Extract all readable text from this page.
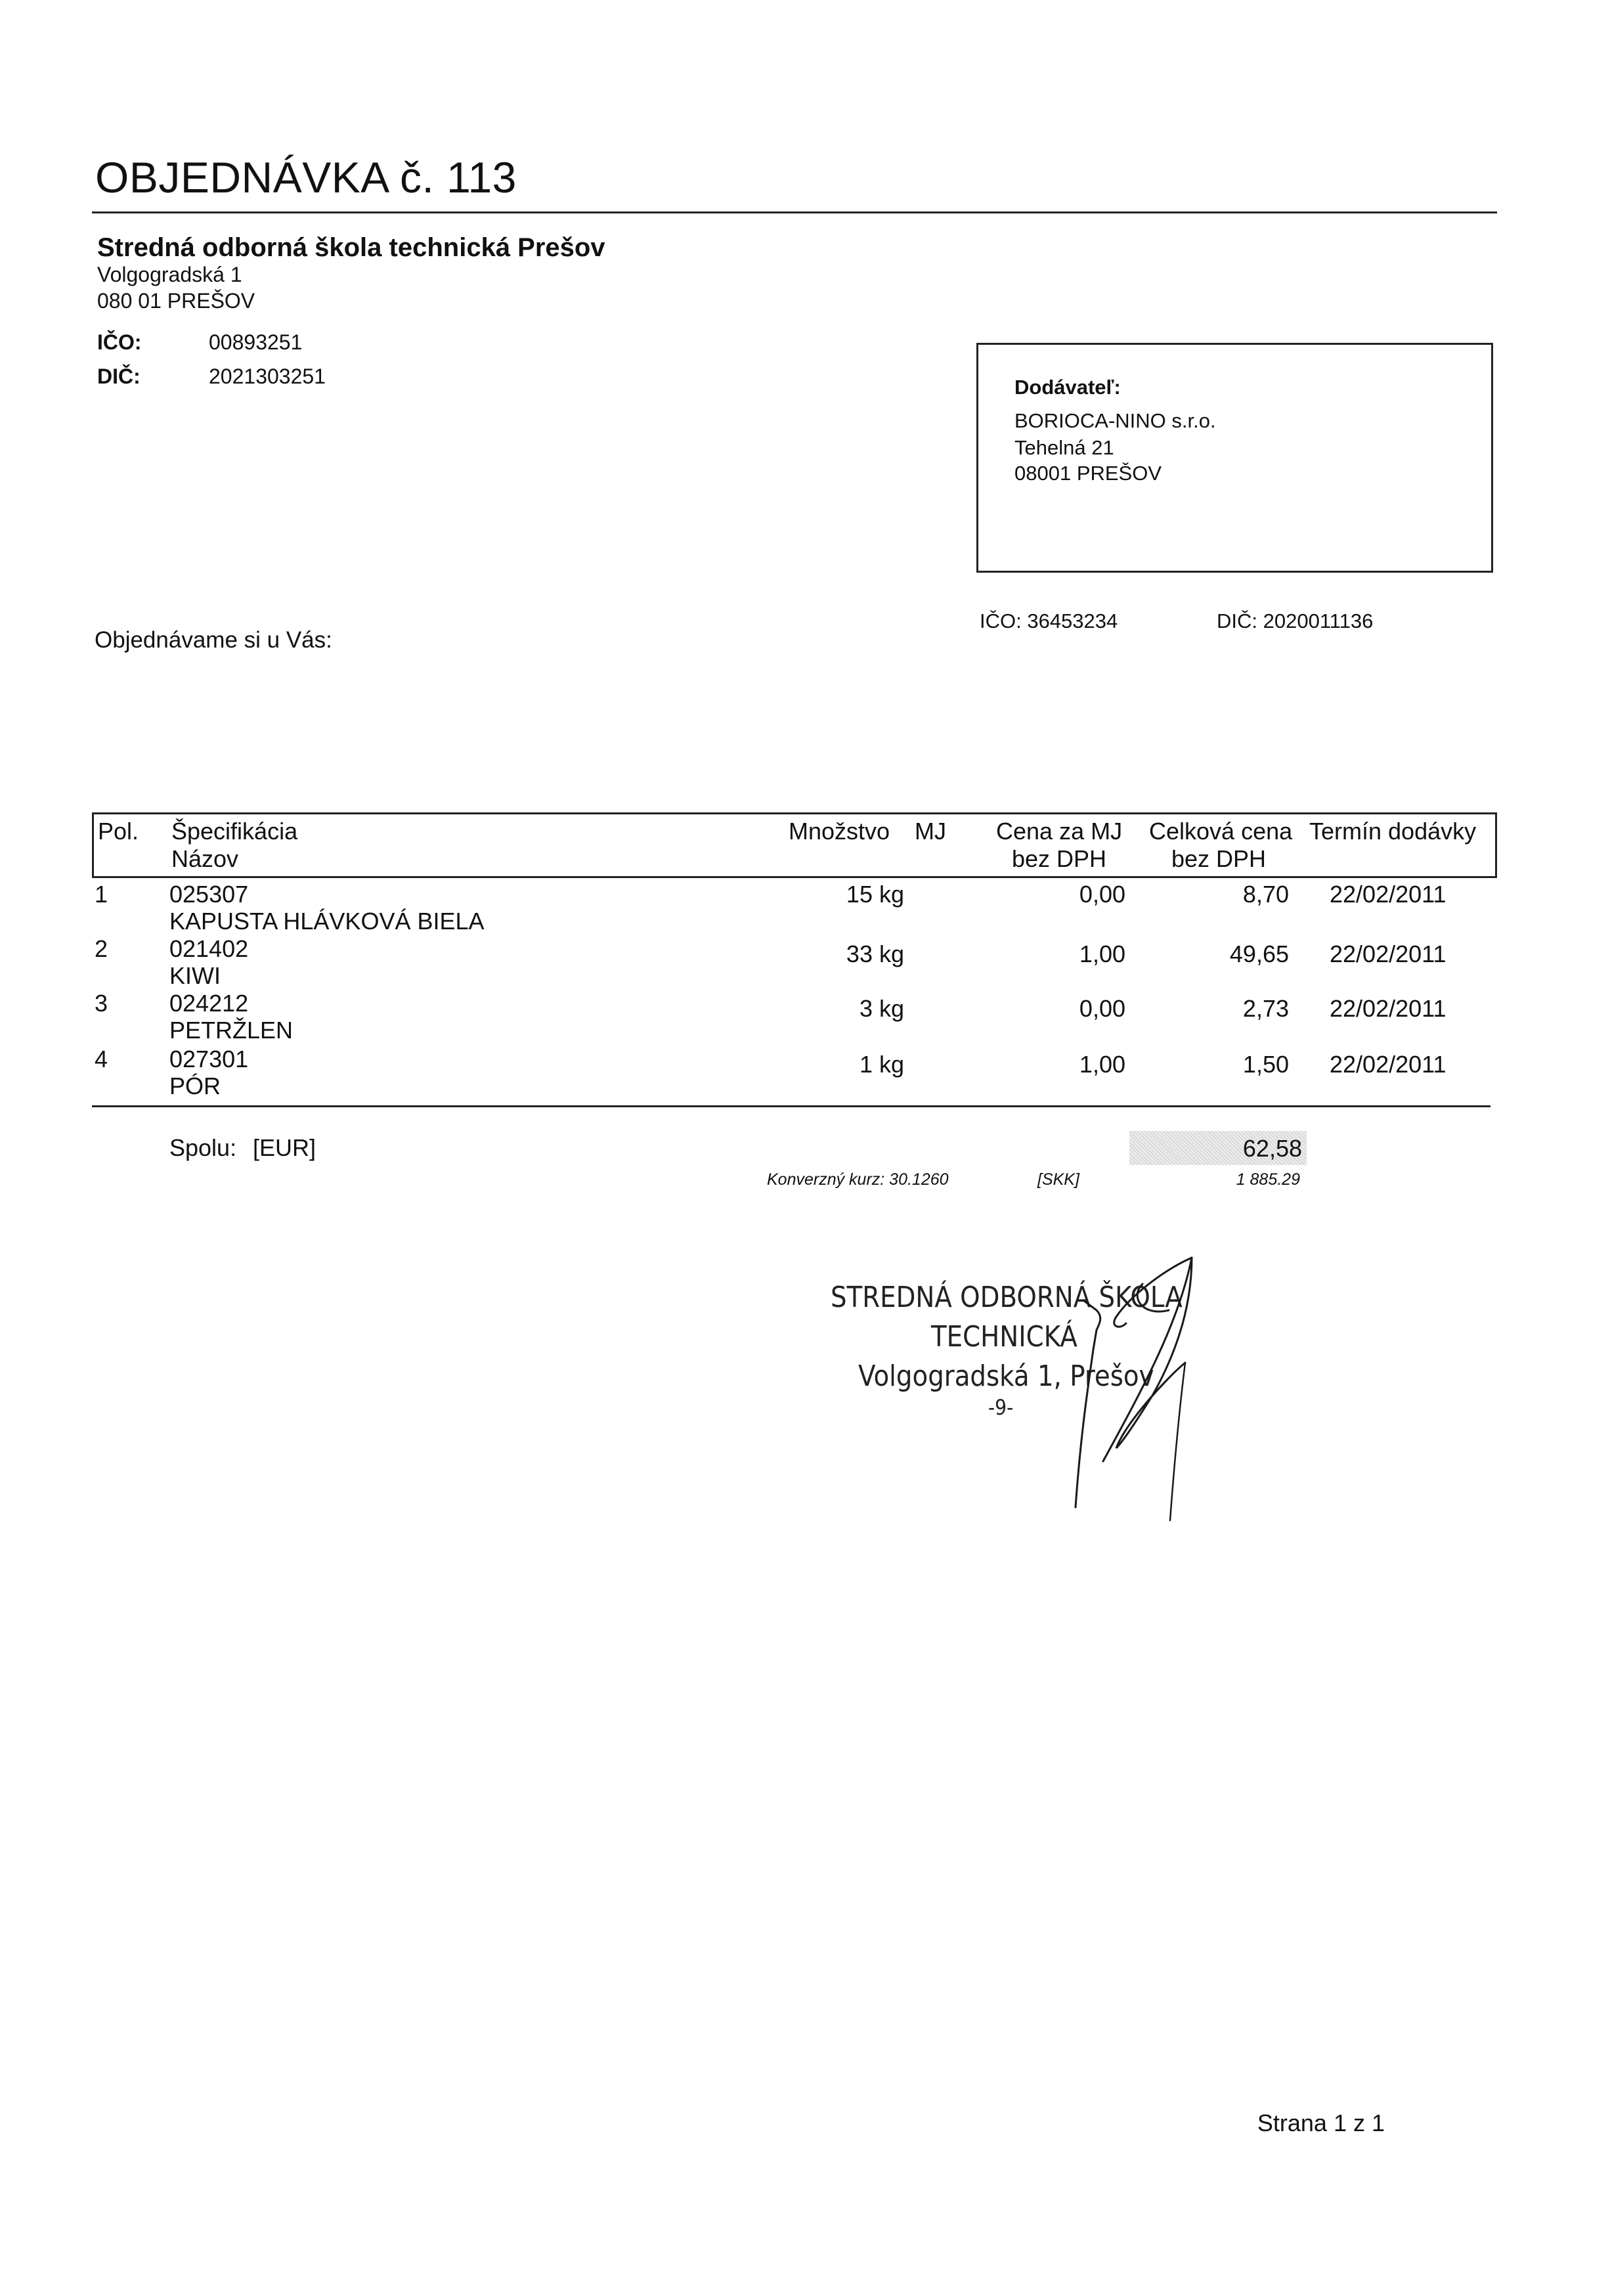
OBJEDNÁVKA č. 113
Stredná odborná škola technická Prešov
Volgogradská 1
080 01 PREŠOV
IČO:	00893251
DIČ:	2021303251	Dodávateľ:
BORIOCA-NINO s.r.o.
Tehelná 21
08001 PREŠOV
IČO: 36453234	DIČ: 2020011136
Objednávame si u Vás:
Pol. Špecifikácia
Názov
Množstvo MJ Cena za MJ
bez DPH
Celková cena
bez DPH
Termín dodávky
1	025307
KAPUSTA HLÁVKOVÁ BIELA
15 kg	0,00	8,70 22/02/2011
2	021402
KIWI
33 kg	1,00	49,65 22/02/2011
3	024212
PETRŽLEN
3 kg	0,00	2,73 22/02/2011
4	027301
PÓR
1 kg	1,00	1,50 22/02/2011
Spolu: [EUR]	62,58
Konverzný kurz: 30.1260	[SKK]	1 885.29
STREDNÁ ODBORNÁ ŠKOLA
TECHNICKÁ
Volgogradská 1, Prešov
-9-
Strana 1 z 1
